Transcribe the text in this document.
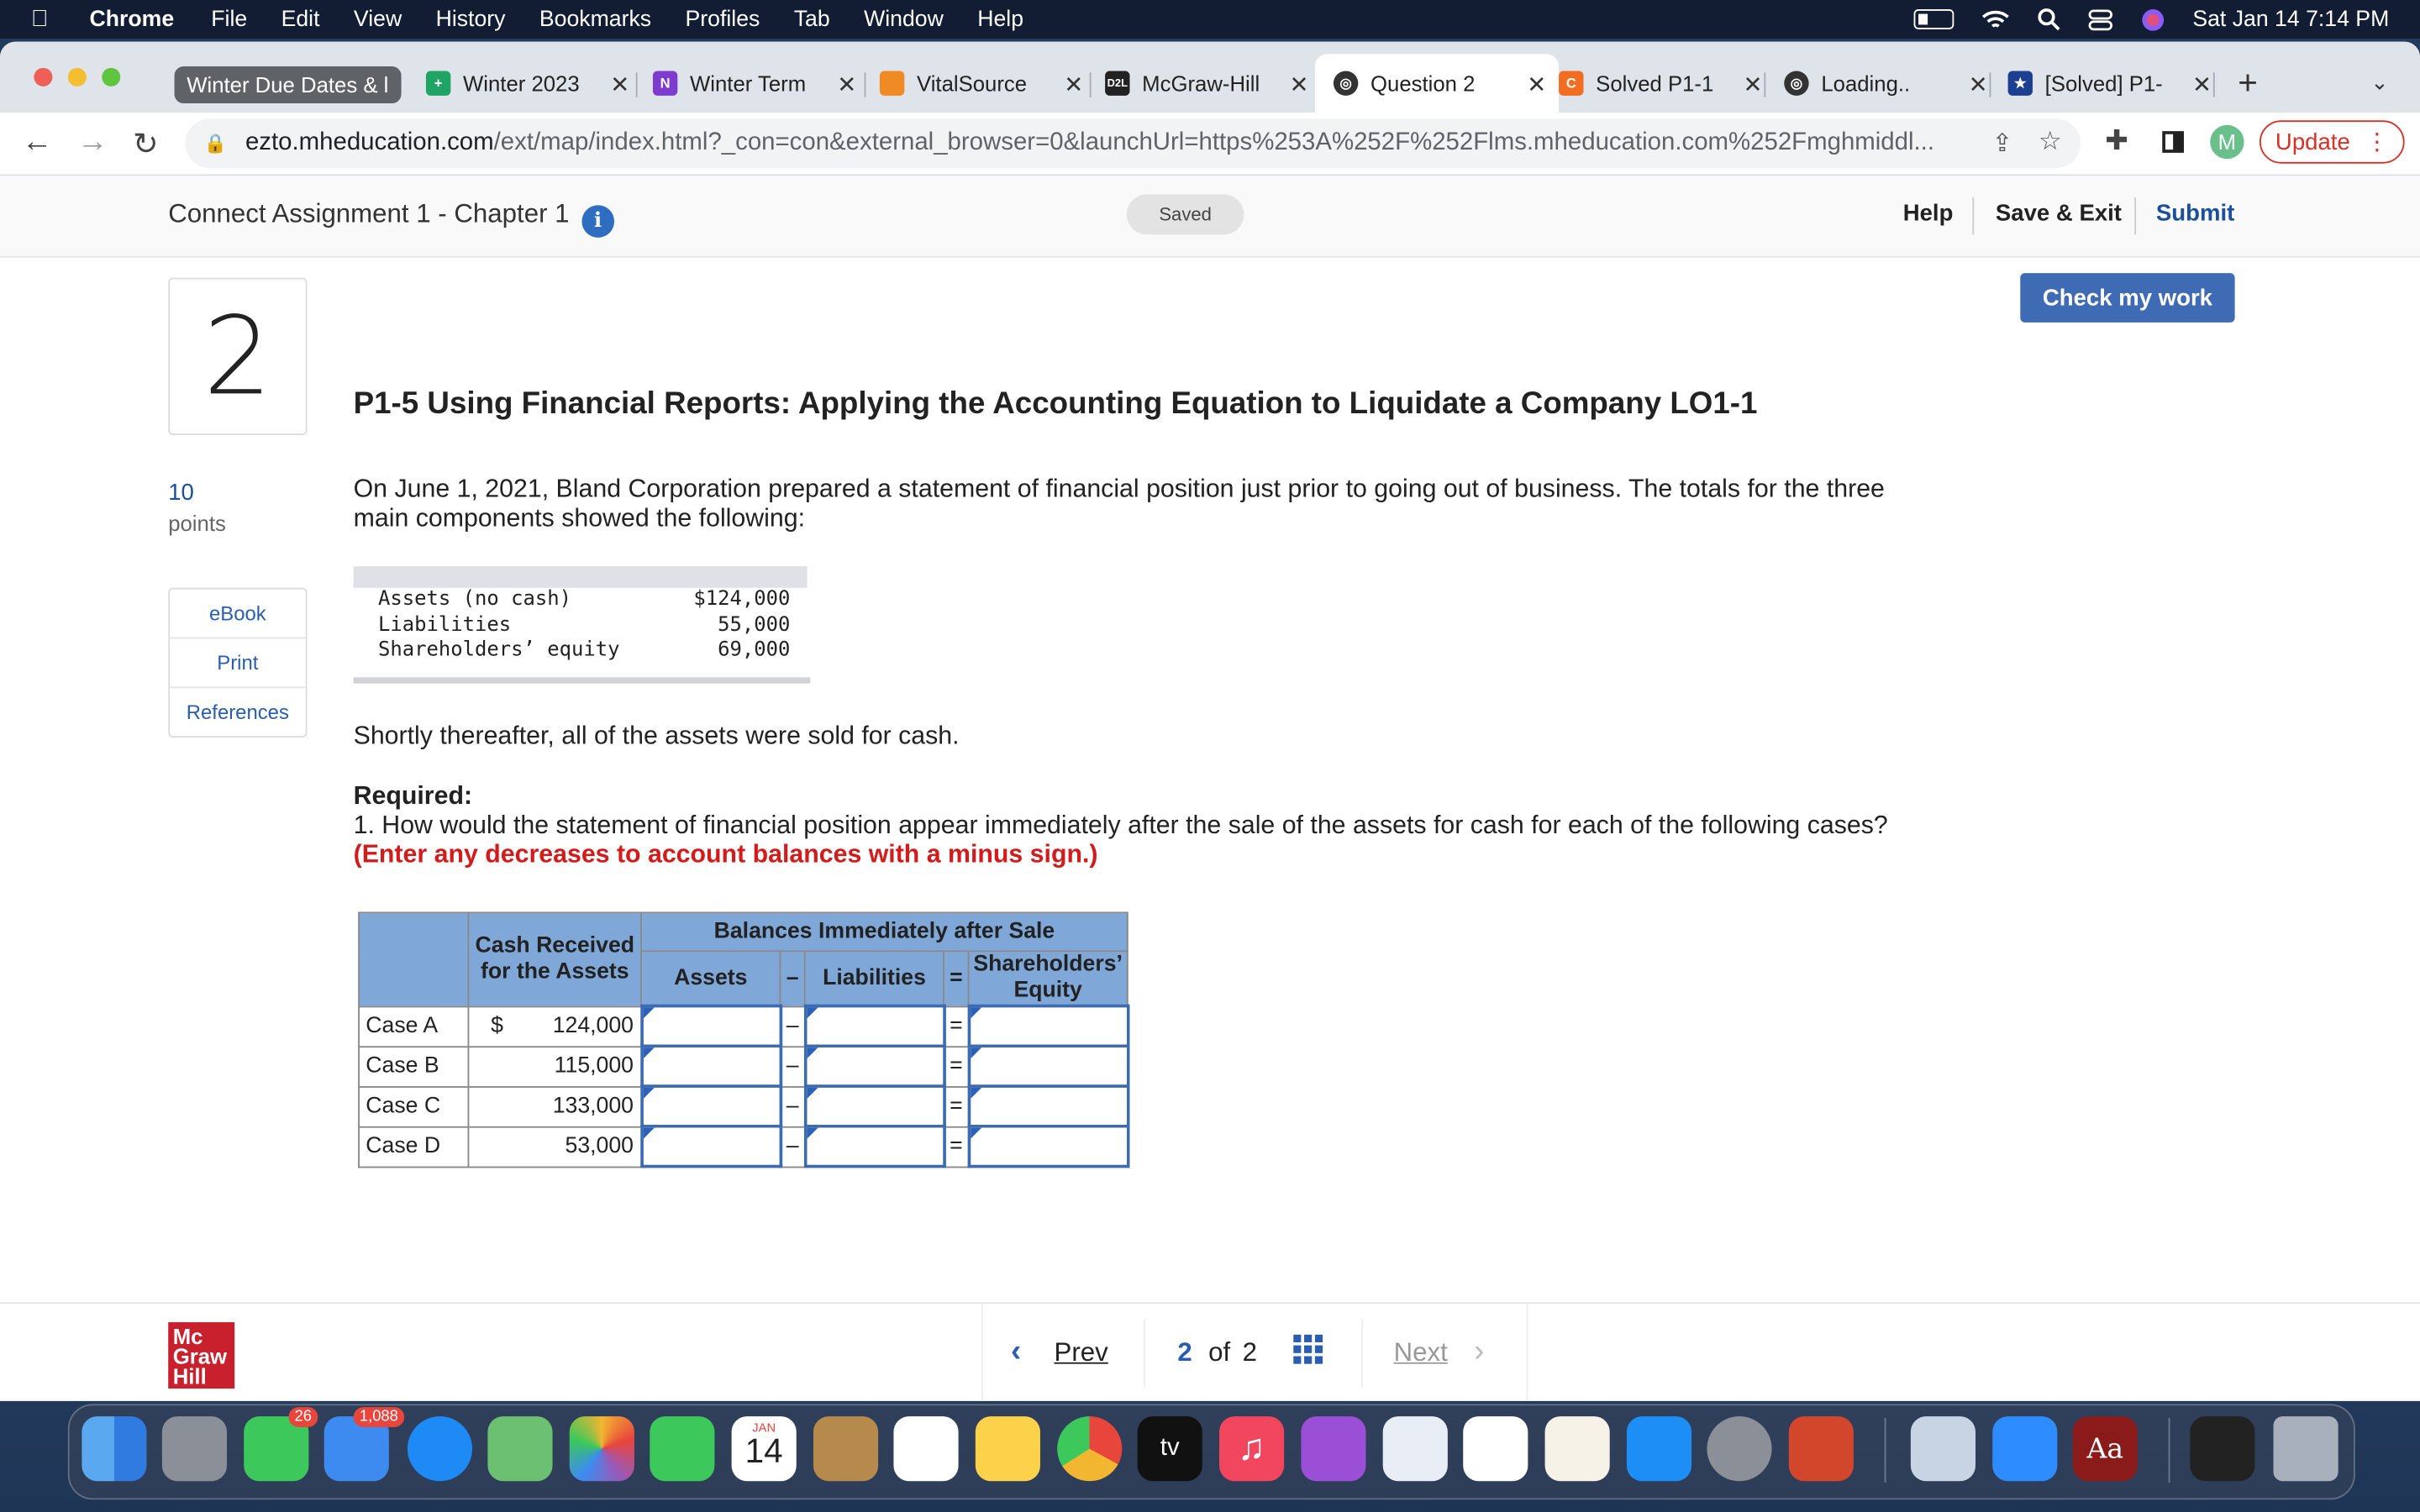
Chrome	File	Edit	View	History	Bookmarks	Profiles	Tab	Window	Help	Sat Jan 14 7:14 PM
Winter Due Dates & l	+	Winter 2023 ✕	N	Winter Term ✕	VitalSource	✕	D2L McGraw-Hill ✕	◎	Question 2	✕	C	Solved P1-1 ✕	◎	Loading..	✕	★	[Solved] P1- ✕ +	⌄
← → ↻	🔒 ezto.mheducation.com /ext/map/index.html?_con=con&external_browser=0&launchUrl=https%253A%252F%252Flms.mheducation.com%252Fmghmiddl...	⇪ ☆	✚	M	Update ⋮
Connect Assignment 1 - Chapter 1 i	Saved	Help	Save & Exit	Submit
Check my work
2
10
points
eBook
Print
References
P1-5 Using Financial Reports: Applying the Accounting Equation to Liquidate a Company LO1-1
On June 1, 2021, Bland Corporation prepared a statement of financial position just prior to going out of business. The totals for the three main components showed the following:
Assets (no cash)	$124,000
Liabilities	55,000
Shareholders’ equity	69,000
Shortly thereafter, all of the assets were sold for cash.
Required:
1. How would the statement of financial position appear immediately after the sale of the assets for cash for each of the following cases? (Enter any decreases to account balances with a minus sign.)
	Cash Received for the Assets	Balances Immediately after Sale				
		Assets	–	Liabilities	=	Shareholders’ Equity
Case A	$ 124,000		–		=	
Case B	115,000		–		=	
Case C	133,000		–		=	
Case D	53,000		–		=	
Mc Graw Hill
‹ Prev	2 of 2	Next ›
26	1,088
JAN
14	tv	♫	Aa
